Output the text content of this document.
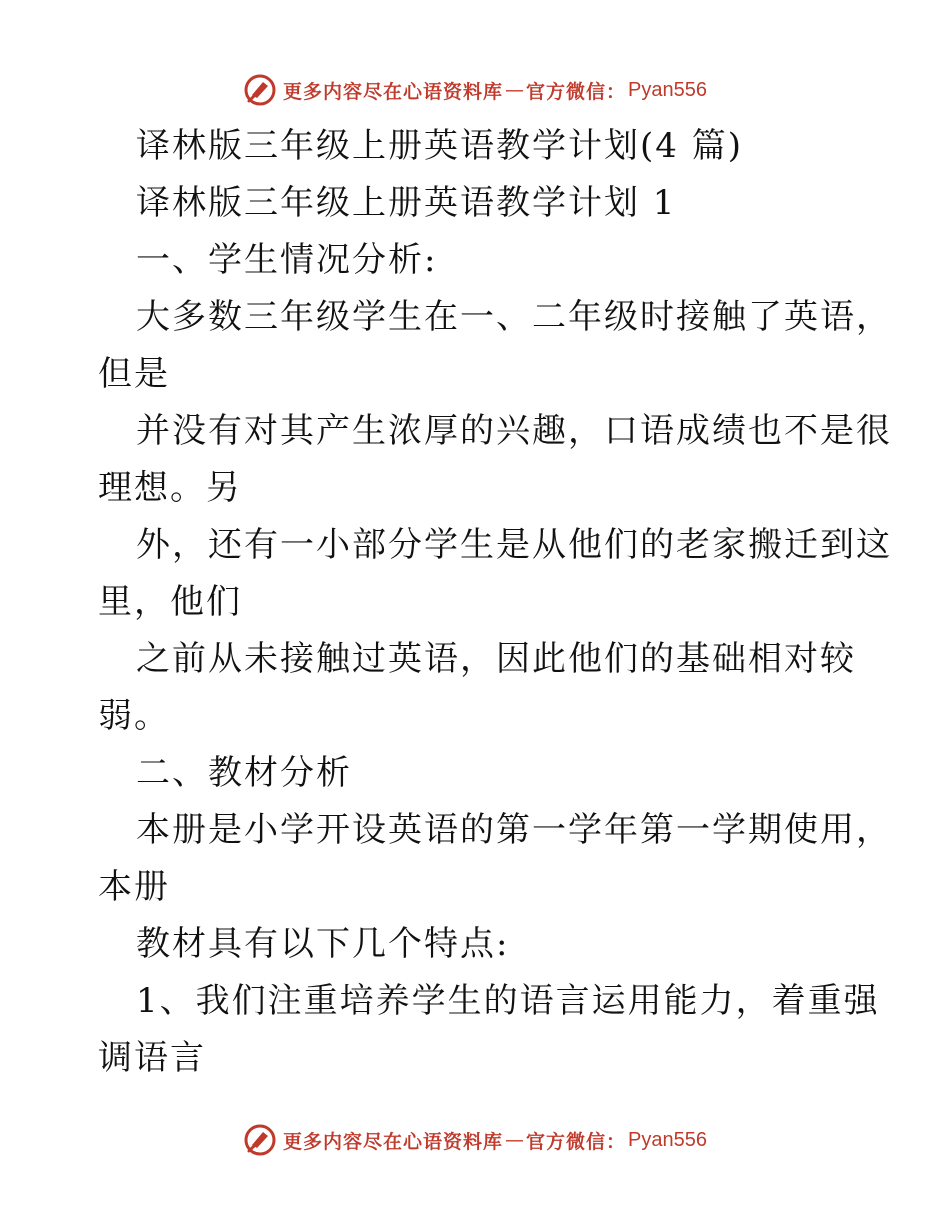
更多内容尽在心语资料库 — 官方微信： Pyan556
译林版三年级上册英语教学计划(4 篇)
译林版三年级上册英语教学计划 1
一、学生情况分析:
大多数三年级学生在一、二年级时接触了英语，
但是
并没有对其产生浓厚的兴趣，口语成绩也不是很
理想。另
外，还有一小部分学生是从他们的老家搬迁到这
里，他们
之前从未接触过英语，因此他们的基础相对较
弱。
二、教材分析
本册是小学开设英语的第一学年第一学期使用，
本册
教材具有以下几个特点:
1、我们注重培养学生的语言运用能力，着重强
调语言
更多内容尽在心语资料库 — 官方微信： Pyan556
